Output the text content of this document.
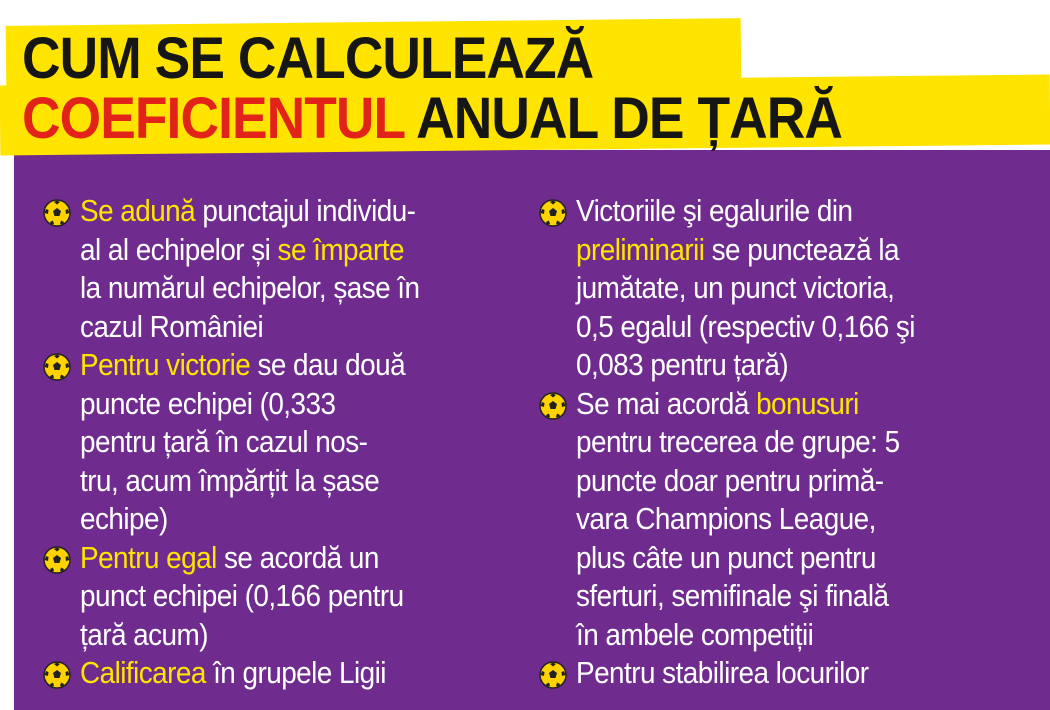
CUM SE CALCULEAZĂ
COEFICIENTUL ANUAL DE ȚARĂ
Se adună punctajul individu-
al al echipelor și se împarte
la numărul echipelor, șase în
cazul României
Pentru victorie se dau două
puncte echipei (0,333
pentru țară în cazul nos-
tru, acum împărțit la șase
echipe)
Pentru egal se acordă un
punct echipei (0,166 pentru
țară acum)
Calificarea în grupele Ligii
Victoriile şi egalurile din
preliminarii se punctează la
jumătate, un punct victoria,
0,5 egalul (respectiv 0,166 şi
0,083 pentru țară)
Se mai acordă bonusuri
pentru trecerea de grupe: 5
puncte doar pentru primă-
vara Champions League,
plus câte un punct pentru
sferturi, semifinale şi finală
în ambele competiții
Pentru stabilirea locurilor
